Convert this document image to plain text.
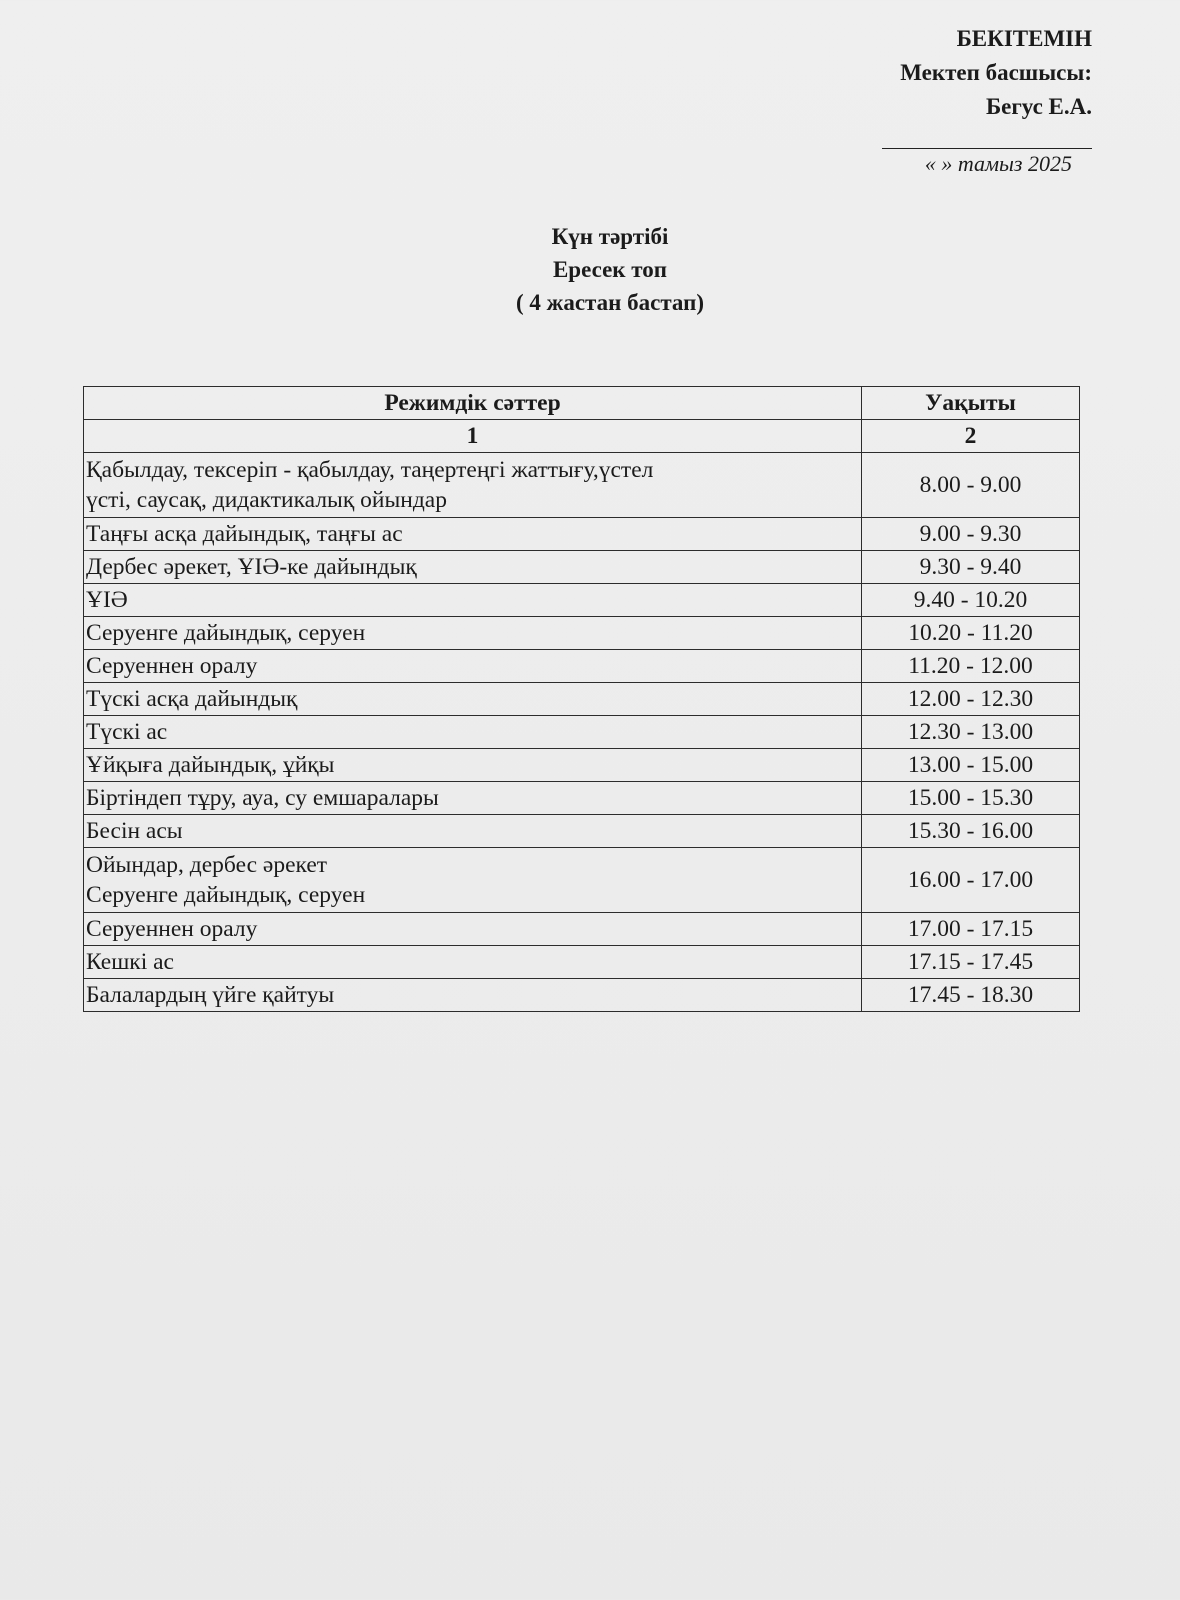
БЕКІТЕМІН
Мектеп басшысы:
Бегус Е.А.
« » тамыз 2025
Күн тәртібі
Ересек топ
( 4 жастан бастап)
Режимдік сәттер	Уақыты
1	2

Қабылдау, тексеріп - қабылдау, таңертеңгі жаттығу,үстел
үсті, саусақ, дидактикалық ойындар	8.00 - 9.00

Таңғы асқа дайындық, таңғы ас	9.00 - 9.30

Дербес әрекет, ҰІӘ-ке дайындық	9.30 - 9.40

ҰІӘ	9.40 - 10.20

Серуенге дайындық, серуен	10.20 - 11.20

Серуеннен оралу	11.20 - 12.00

Түскі асқа дайындық	12.00 - 12.30

Түскі ас	12.30 - 13.00

Ұйқыға дайындық, ұйқы	13.00 - 15.00

Біртіндеп тұру, ауа, су емшаралары	15.00 - 15.30

Бесін асы	15.30 - 16.00

Ойындар, дербес әрекет
Серуенге дайындық, серуен	16.00 - 17.00

Серуеннен оралу	17.00 - 17.15

Кешкі ас	17.15 - 17.45

Балалардың үйге қайтуы	17.45 - 18.30
